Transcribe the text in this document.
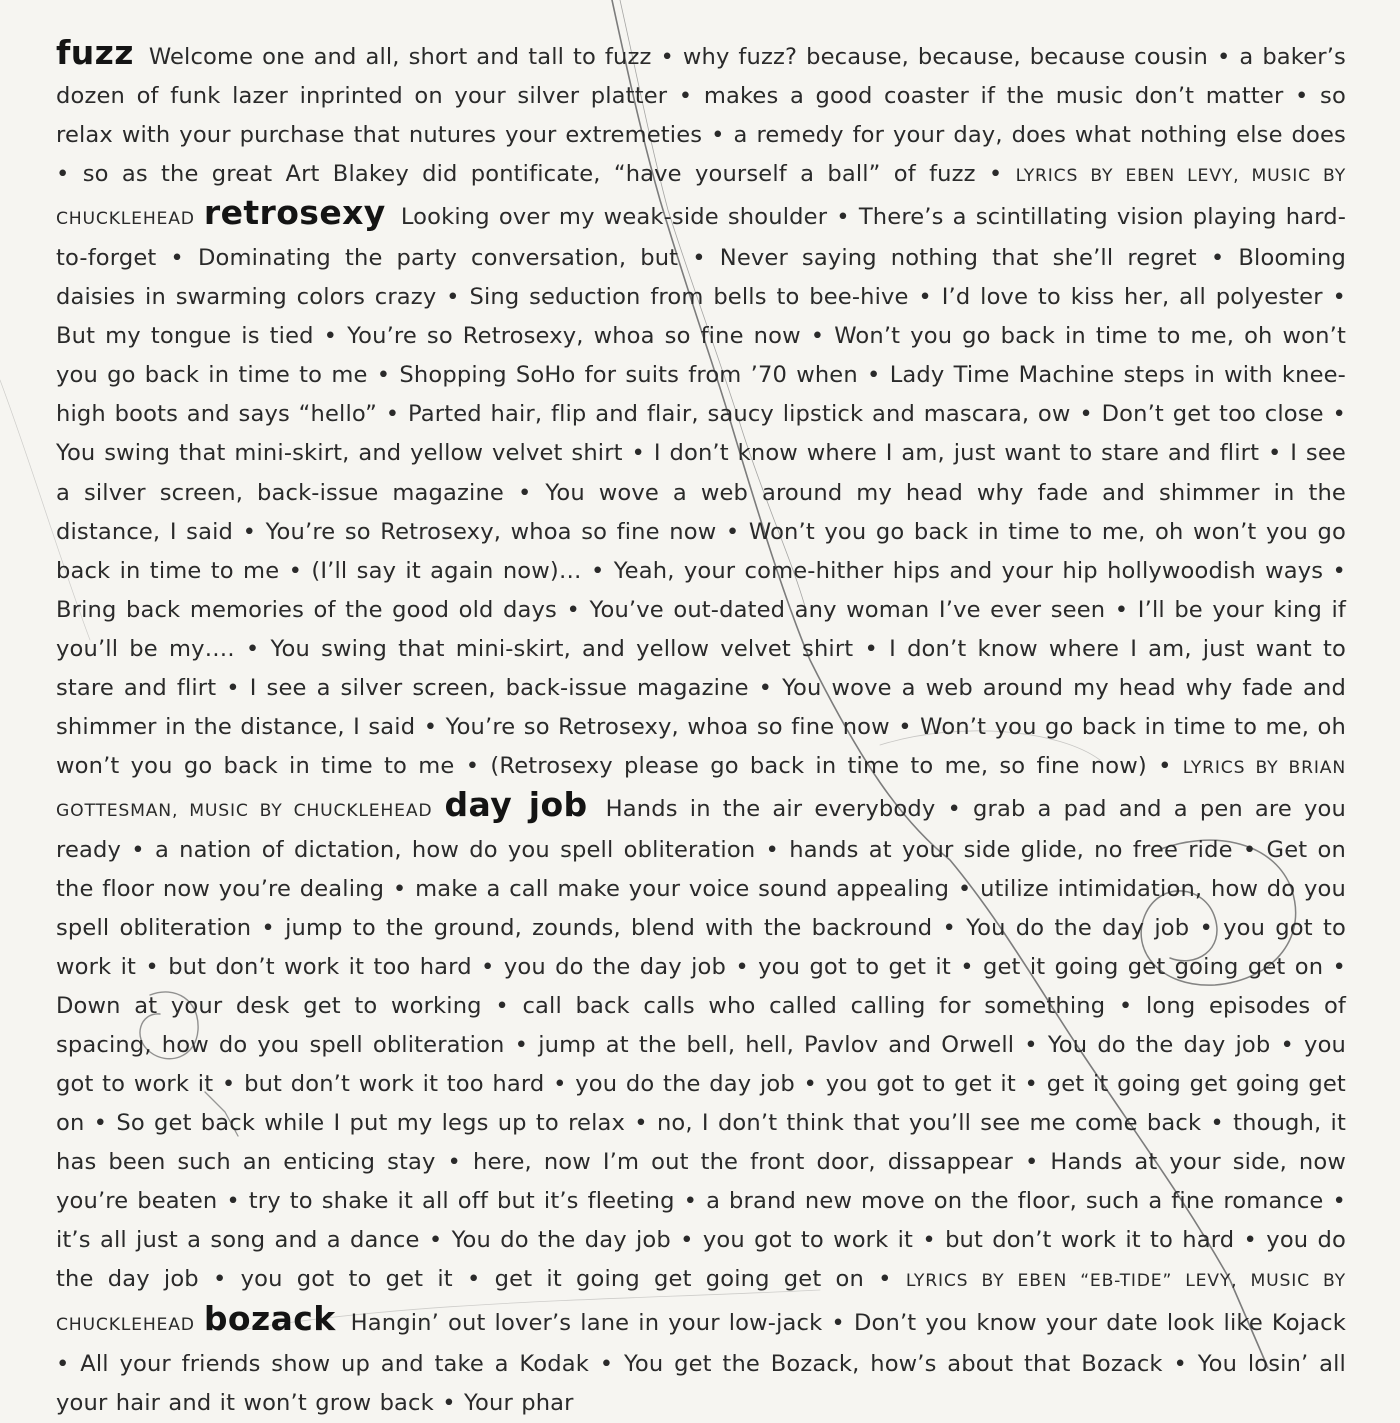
fuzz Welcome one and all, short and tall to fuzz • why fuzz? because, because, because cousin • a baker’s dozen of funk lazer inprinted on your silver platter • makes a good coaster if the music don’t matter • so relax with your purchase that nutures your extremeties • a remedy for your day, does what nothing else does • so as the great Art Blakey did pontificate, “have yourself a ball” of fuzz • LYRICS BY EBEN LEVY, MUSIC BY CHUCKLEHEAD retrosexy Looking over my weak-side shoulder • There’s a scintillating vision playing hard-to-forget • Dominating the party conversation, but • Never saying nothing that she’ll regret • Blooming daisies in swarming colors crazy • Sing seduction from bells to bee-hive • I’d love to kiss her, all polyester • But my tongue is tied • You’re so Retrosexy, whoa so fine now • Won’t you go back in time to me, oh won’t you go back in time to me • Shopping SoHo for suits from ’70 when • Lady Time Machine steps in with knee-high boots and says “hello” • Parted hair, flip and flair, saucy lipstick and mascara, ow • Don’t get too close • You swing that mini-skirt, and yellow velvet shirt • I don’t know where I am, just want to stare and flirt • I see a silver screen, back-issue magazine • You wove a web around my head why fade and shimmer in the distance, I said • You’re so Retrosexy, whoa so fine now • Won’t you go back in time to me, oh won’t you go back in time to me • (I’ll say it again now)… • Yeah, your come-hither hips and your hip hollywoodish ways • Bring back memories of the good old days • You’ve out-dated any woman I’ve ever seen • I’ll be your king if you’ll be my…. • You swing that mini-skirt, and yellow velvet shirt • I don’t know where I am, just want to stare and flirt • I see a silver screen, back-issue magazine • You wove a web around my head why fade and shimmer in the distance, I said • You’re so Retrosexy, whoa so fine now • Won’t you go back in time to me, oh won’t you go back in time to me • (Retrosexy please go back in time to me, so fine now) • LYRICS BY BRIAN GOTTESMAN, MUSIC BY CHUCKLEHEAD day job Hands in the air everybody • grab a pad and a pen are you ready • a nation of dictation, how do you spell obliteration • hands at your side glide, no free ride • Get on the floor now you’re dealing • make a call make your voice sound appealing • utilize intimidation, how do you spell obliteration • jump to the ground, zounds, blend with the backround • You do the day job • you got to work it • but don’t work it too hard • you do the day job • you got to get it • get it going get going get on • Down at your desk get to working • call back calls who called calling for something • long episodes of spacing, how do you spell obliteration • jump at the bell, hell, Pavlov and Orwell • You do the day job • you got to work it • but don’t work it too hard • you do the day job • you got to get it • get it going get going get on • So get back while I put my legs up to relax • no, I don’t think that you’ll see me come back • though, it has been such an enticing stay • here, now I’m out the front door, dissappear • Hands at your side, now you’re beaten • try to shake it all off but it’s fleeting • a brand new move on the floor, such a fine romance • it’s all just a song and a dance • You do the day job • you got to work it • but don’t work it to hard • you do the day job • you got to get it • get it going get going get on • LYRICS BY EBEN “EB-TIDE” LEVY, MUSIC BY CHUCKLEHEAD bozack Hangin’ out lover’s lane in your low-jack • Don’t you know your date look like Kojack • All your friends show up and take a Kodak • You get the Bozack, how’s about that Bozack • You losin’ all your hair and it won’t grow back • Your phar
